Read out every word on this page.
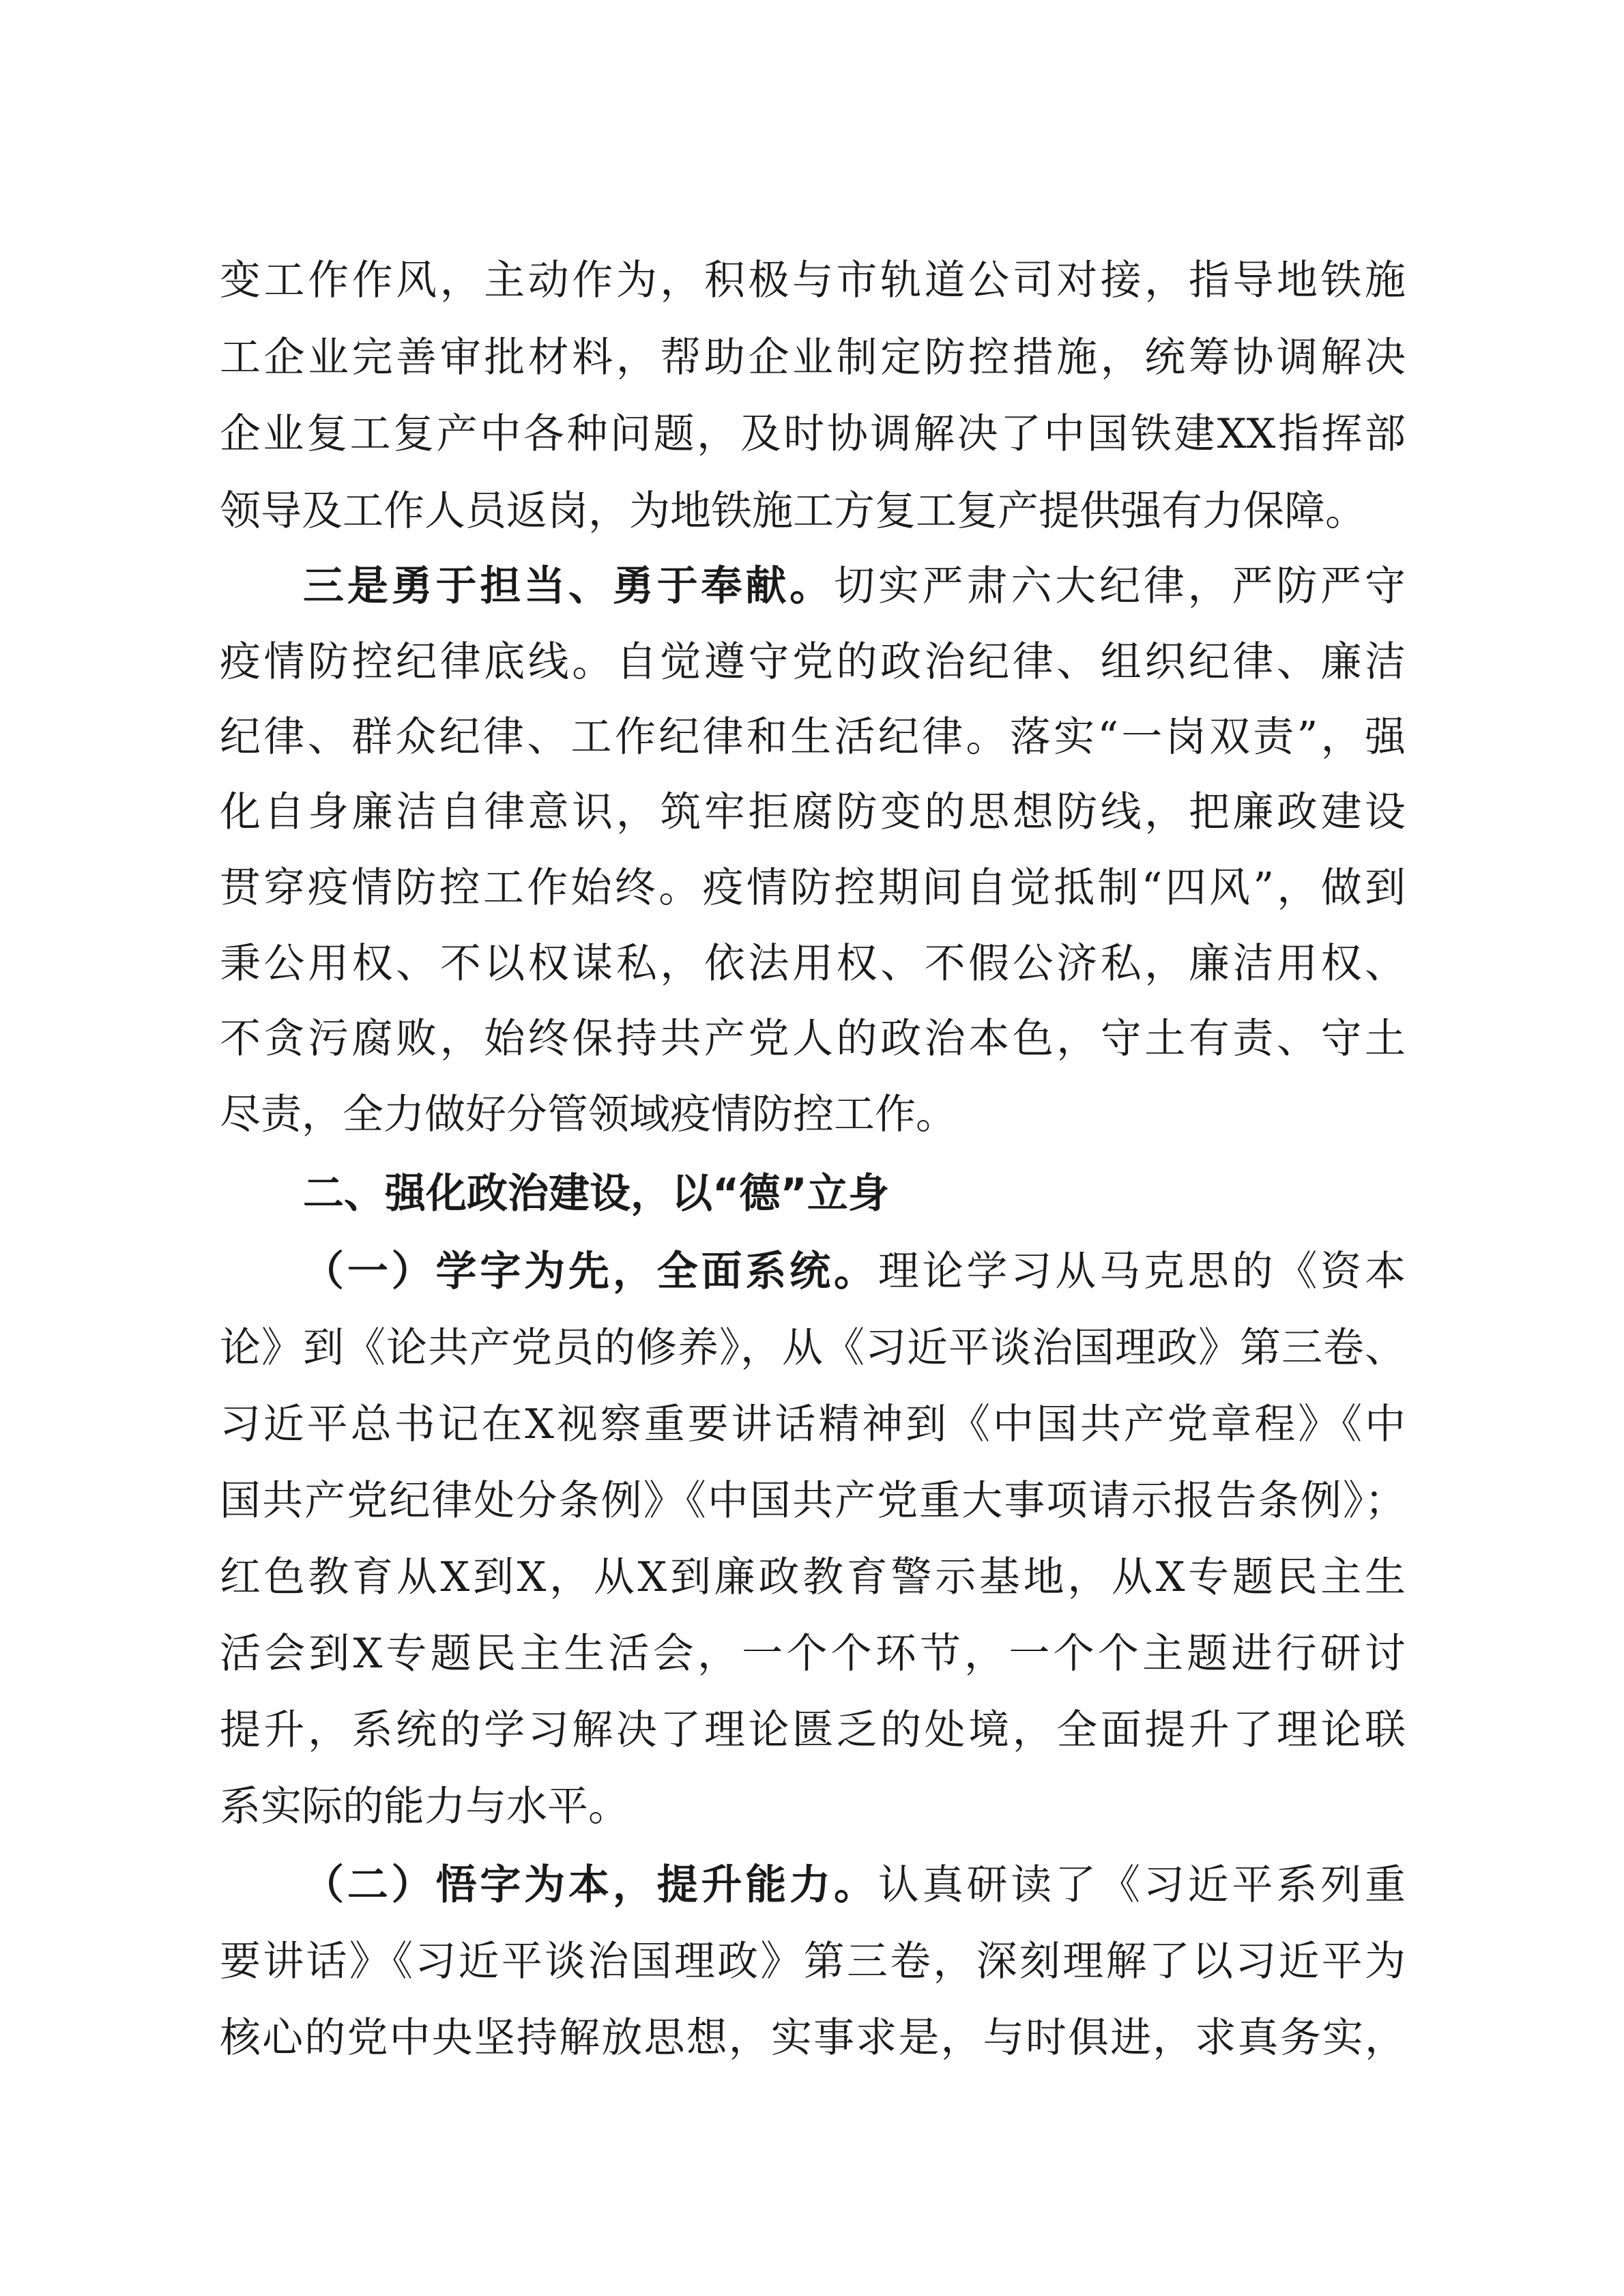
变工作作风，主动作为，积极与市轨道公司对接，指导地铁施
工企业完善审批材料，帮助企业制定防控措施，统筹协调解决
企业复工复产中各种问题，及时协调解决了中国铁建XX指挥部
领导及工作人员返岗，为地铁施工方复工复产提供强有力保障。
三是勇于担当、勇于奉献。切实严肃六大纪律，严防严守
疫情防控纪律底线。自觉遵守党的政治纪律、组织纪律、廉洁
纪律、群众纪律、工作纪律和生活纪律。落实“一岗双责”，强
化自身廉洁自律意识，筑牢拒腐防变的思想防线，把廉政建设
贯穿疫情防控工作始终。疫情防控期间自觉抵制“四风”，做到
秉公用权、不以权谋私，依法用权、不假公济私，廉洁用权、
不贪污腐败，始终保持共产党人的政治本色，守土有责、守土
尽责，全力做好分管领域疫情防控工作。
二、强化政治建设，以“德”立身
（一）学字为先，全面系统。理论学习从马克思的《资本
论》到《论共产党员的修养》，从《习近平谈治国理政》第三卷、
习近平总书记在X视察重要讲话精神到《中国共产党章程》《中
国共产党纪律处分条例》《中国共产党重大事项请示报告条例》；
红色教育从X到X，从X到廉政教育警示基地，从X专题民主生
活会到X专题民主生活会，一个个环节，一个个主题进行研讨
提升，系统的学习解决了理论匮乏的处境，全面提升了理论联
系实际的能力与水平。
（二）悟字为本，提升能力。认真研读了《习近平系列重
要讲话》《习近平谈治国理政》第三卷，深刻理解了以习近平为
核心的党中央坚持解放思想，实事求是，与时俱进，求真务实，
